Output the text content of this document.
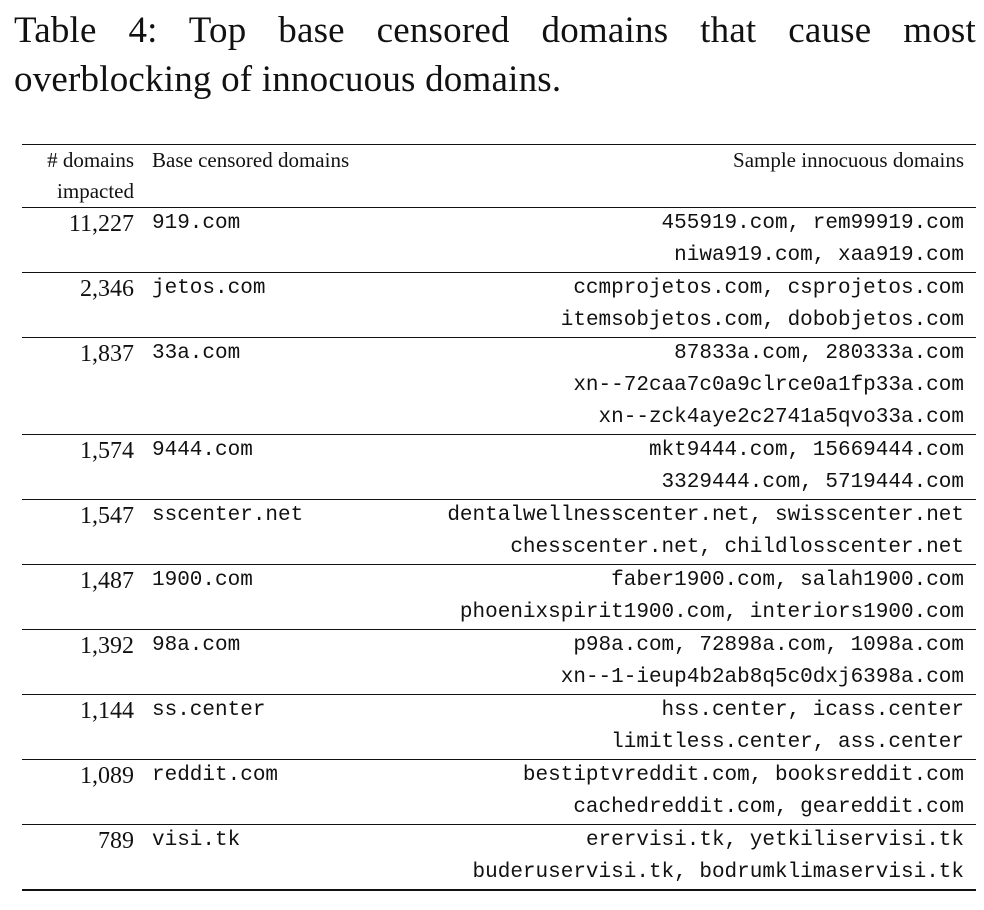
Table 4: Top base censored domains that cause most overblocking of innocuous domains.
# domains
impacted	Base censored domains	Sample innocuous domains
11,227	919.com	455919.com, rem99919.com
niwa919.com, xaa919.com

2,346	jetos.com	ccmprojetos.com, csprojetos.com
itemsobjetos.com, dobobjetos.com

1,837	33a.com	87833a.com, 280333a.com
xn--72caa7c0a9clrce0a1fp33a.com
xn--zck4aye2c2741a5qvo33a.com

1,574	9444.com	mkt9444.com, 15669444.com
3329444.com, 5719444.com

1,547	sscenter.net	dentalwellnesscenter.net, swisscenter.net
chesscenter.net, childlosscenter.net

1,487	1900.com	faber1900.com, salah1900.com
phoenixspirit1900.com, interiors1900.com

1,392	98a.com	p98a.com, 72898a.com, 1098a.com
xn--1-ieup4b2ab8q5c0dxj6398a.com

1,144	ss.center	hss.center, icass.center
limitless.center, ass.center

1,089	reddit.com	bestiptvreddit.com, booksreddit.com
cachedreddit.com, geareddit.com

789	visi.tk	erervisi.tk, yetkiliservisi.tk
buderuservisi.tk, bodrumklimaservisi.tk
